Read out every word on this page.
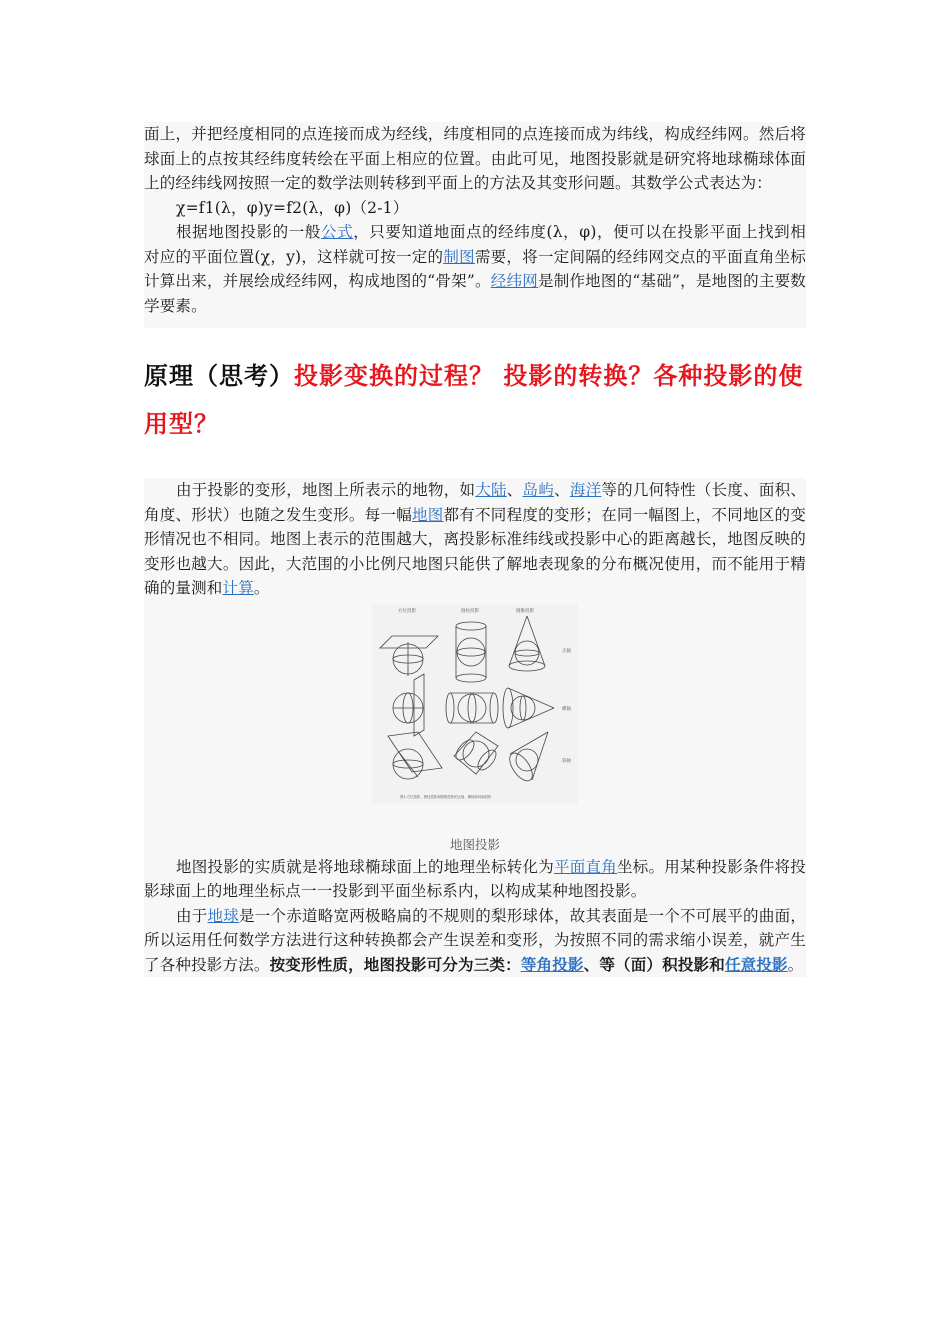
面上，并把经度相同的点连接而成为经线，纬度相同的点连接而成为纬线，构成经纬网。然后将球面上的点按其经纬度转绘在平面上相应的位置。由此可见，地图投影就是研究将地球椭球体面上的经纬线网按照一定的数学法则转移到平面上的方法及其变形问题。其数学公式表达为：

χ=f1(λ，φ)y=f2(λ，φ)（2-1）

根据地图投影的一般公式，只要知道地面点的经纬度(λ，φ)，便可以在投影平面上找到相对应的平面位置(χ，y)，这样就可按一定的制图需要，将一定间隔的经纬网交点的平面直角坐标计算出来，并展绘成经纬网，构成地图的“骨架”。经纬网是制作地图的“基础”，是地图的主要数学要素。

原理（思考）投影变换的过程？ 投影的转换？各种投影的使用型？

由于投影的变形，地图上所表示的地物，如大陆、岛屿、海洋等的几何特性（长度、面积、角度、形状）也随之发生变形。每一幅地图都有不同程度的变形；在同一幅图上，不同地区的变形情况也不相同。地图上表示的范围越大，离投影标准纬线或投影中心的距离越长，地图反映的变形也越大。因此，大范围的小比例尺地图只能供了解地表现象的分布概况使用，而不能用于精确的量测和计算。

方位投影	圆柱投影	圆锥投影
正轴
横轴
斜轴
图3 方位投影、圆柱投影和圆锥投影的正轴、横轴和斜轴投影
地图投影

地图投影的实质就是将地球椭球面上的地理坐标转化为平面直角坐标。用某种投影条件将投影球面上的地理坐标点一一投影到平面坐标系内，以构成某种地图投影。

由于地球是一个赤道略宽两极略扁的不规则的梨形球体，故其表面是一个不可展平的曲面，所以运用任何数学方法进行这种转换都会产生误差和变形，为按照不同的需求缩小误差，就产生了各种投影方法。按变形性质，地图投影可分为三类：等角投影、等（面）积投影和任意投影。
